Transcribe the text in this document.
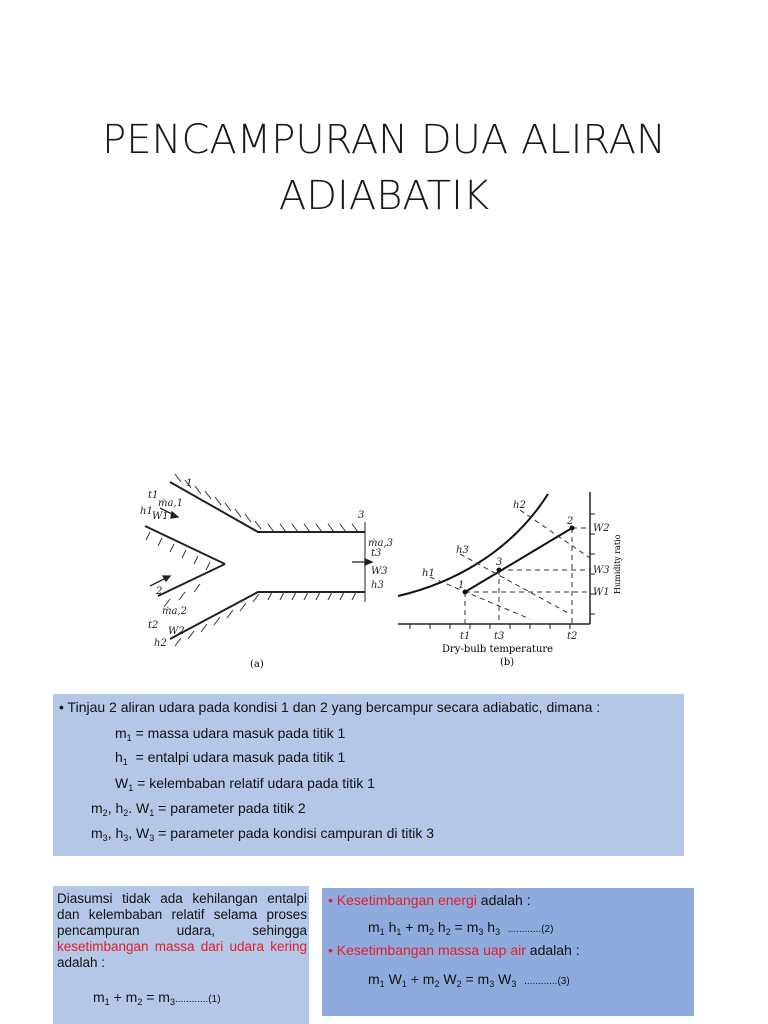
PENCAMPURAN DUA ALIRAN
ADIABATIK
1
t1
ṁa,1
h1 W1
2
ṁa,2
t2
W2
h2
3
ṁa,3
t3
W3
h3
(a)
1
3
2
h2
h3
h1
W2
W3
W1
t1 t3	t2
Dry-bulb temperature
Humidity ratio
(b)
• Tinjau 2 aliran udara pada kondisi 1 dan 2 yang bercampur secara adiabatic, dimana :
$m_1$ = massa udara masuk pada titik 1
$h_1$  = entalpi udara masuk pada titik 1
$W_1$ = kelembaban relatif udara pada titik 1
$m_2$, $h_2$. $W_1$ = parameter pada titik 2
$m_3$, $h_3$, $W_3$ = parameter pada kondisi campuran di titik 3
Diasumsi tidak ada kehilangan entalpi dan kelembaban relatif selama proses pencampuran udara, sehingga kesetimbangan massa dari udara kering adalah :
$m_1 + m_2 = m_3............(1)$
• Kesetimbangan energi adalah :
$m_1$ $h_1 + m_2$ $h_2 = m_3$ $h_3$ ............(2)
• Kesetimbangan massa uap air adalah :
$m_1$ $W_1 + m_2$ $W_2 = m_3$ $W_3$ ............(3)
